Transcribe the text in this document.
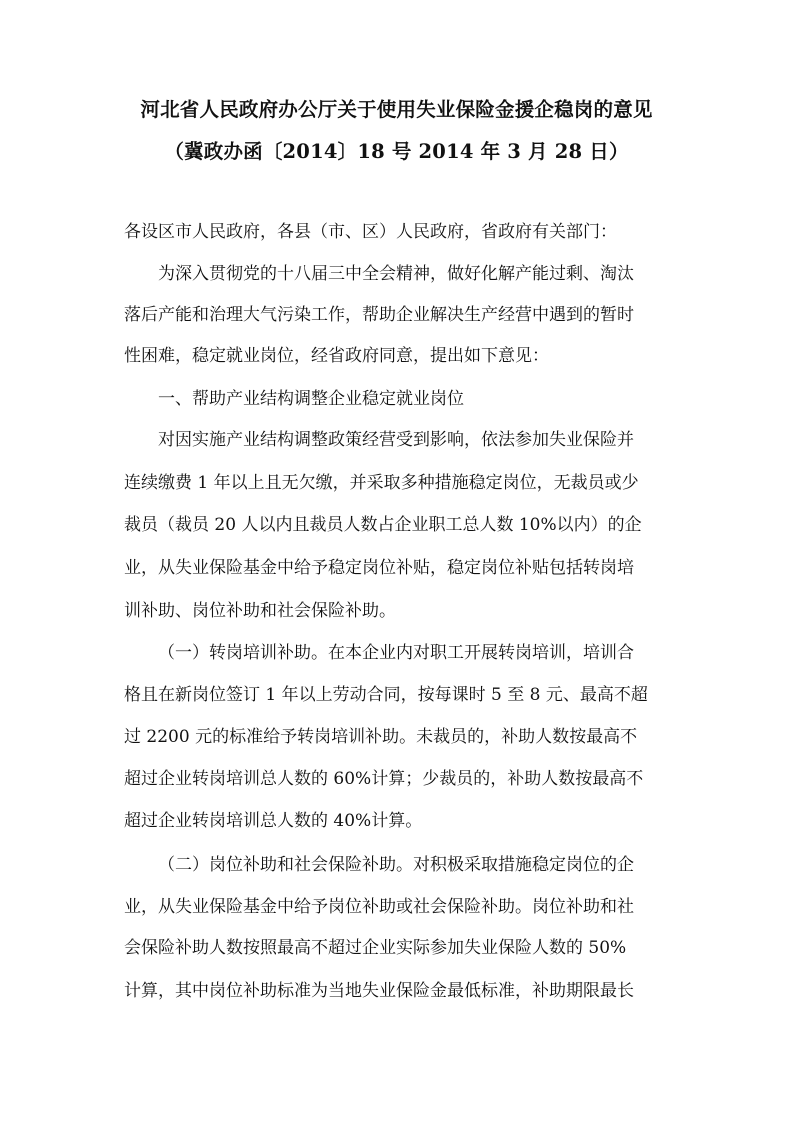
河北省人民政府办公厅关于使用失业保险金援企稳岗的意见
（冀政办函〔2014〕18 号 2014 年 3 月 28 日）
各设区市人民政府，各县（市、区）人民政府，省政府有关部门：
为深入贯彻党的十八届三中全会精神，做好化解产能过剩、淘汰
落后产能和治理大气污染工作，帮助企业解决生产经营中遇到的暂时
性困难，稳定就业岗位，经省政府同意，提出如下意见：
一、帮助产业结构调整企业稳定就业岗位
对因实施产业结构调整政策经营受到影响，依法参加失业保险并
连续缴费 1 年以上且无欠缴，并采取多种措施稳定岗位，无裁员或少
裁员（裁员 20 人以内且裁员人数占企业职工总人数 10%以内）的企
业，从失业保险基金中给予稳定岗位补贴，稳定岗位补贴包括转岗培
训补助、岗位补助和社会保险补助。
（一）转岗培训补助。在本企业内对职工开展转岗培训，培训合
格且在新岗位签订 1 年以上劳动合同，按每课时 5 至 8 元、最高不超
过 2200 元的标准给予转岗培训补助。未裁员的，补助人数按最高不
超过企业转岗培训总人数的 60%计算；少裁员的，补助人数按最高不
超过企业转岗培训总人数的 40%计算。
（二）岗位补助和社会保险补助。对积极采取措施稳定岗位的企
业，从失业保险基金中给予岗位补助或社会保险补助。岗位补助和社
会保险补助人数按照最高不超过企业实际参加失业保险人数的 50%
计算，其中岗位补助标准为当地失业保险金最低标准，补助期限最长
